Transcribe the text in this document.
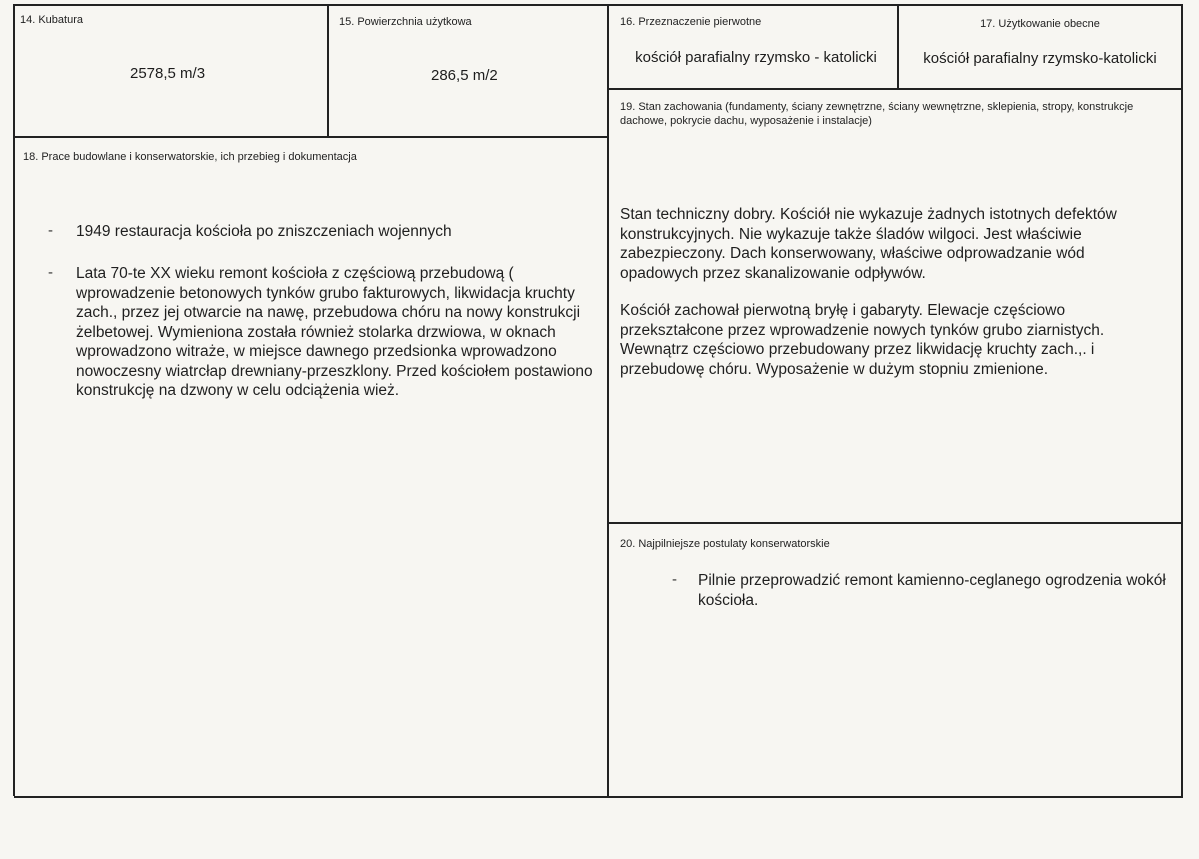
14. Kubatura
2578,5 m/3
15. Powierzchnia użytkowa
286,5 m/2
16. Przeznaczenie pierwotne
kościół parafialny rzymsko - katolicki
17. Użytkowanie obecne
kościół parafialny rzymsko-katolicki
18. Prace budowlane i konserwatorskie, ich przebieg i dokumentacja
- 1949 restauracja kościoła po zniszczeniach wojennych
- Lata 70-te XX wieku remont kościoła z częściową przebudową ( wprowadzenie betonowych tynków grubo fakturowych, likwidacja kruchty zach., przez jej otwarcie na nawę, przebudowa chóru na nowy konstrukcji żelbetowej. Wymieniona została również stolarka drzwiowa, w oknach wprowadzono witraże, w miejsce dawnego przedsionka wprowadzono nowoczesny wiatrcłap drewniany-przeszklony. Przed kościołem postawiono konstrukcję na dzwony w celu odciążenia wież.
19. Stan zachowania (fundamenty, ściany zewnętrzne, ściany wewnętrzne, sklepienia, stropy, konstrukcje dachowe, pokrycie dachu, wyposażenie i instalacje)

Stan techniczny dobry. Kościół nie wykazuje żadnych istotnych defektów konstrukcyjnych. Nie wykazuje także śladów wilgoci. Jest właściwie zabezpieczony. Dach konserwowany, właściwe odprowadzanie wód opadowych przez skanalizowanie odpływów.

Kościół zachował pierwotną bryłę i gabaryty. Elewacje częściowo przekształcone przez wprowadzenie nowych tynków grubo ziarnistych. Wewnątrz częściowo przebudowany przez likwidację kruchty zach.,. i przebudowę chóru. Wyposażenie w dużym stopniu zmienione.

20. Najpilniejsze postulaty konserwatorskie
- Pilnie przeprowadzić remont kamienno-ceglanego ogrodzenia wokół kościoła.
